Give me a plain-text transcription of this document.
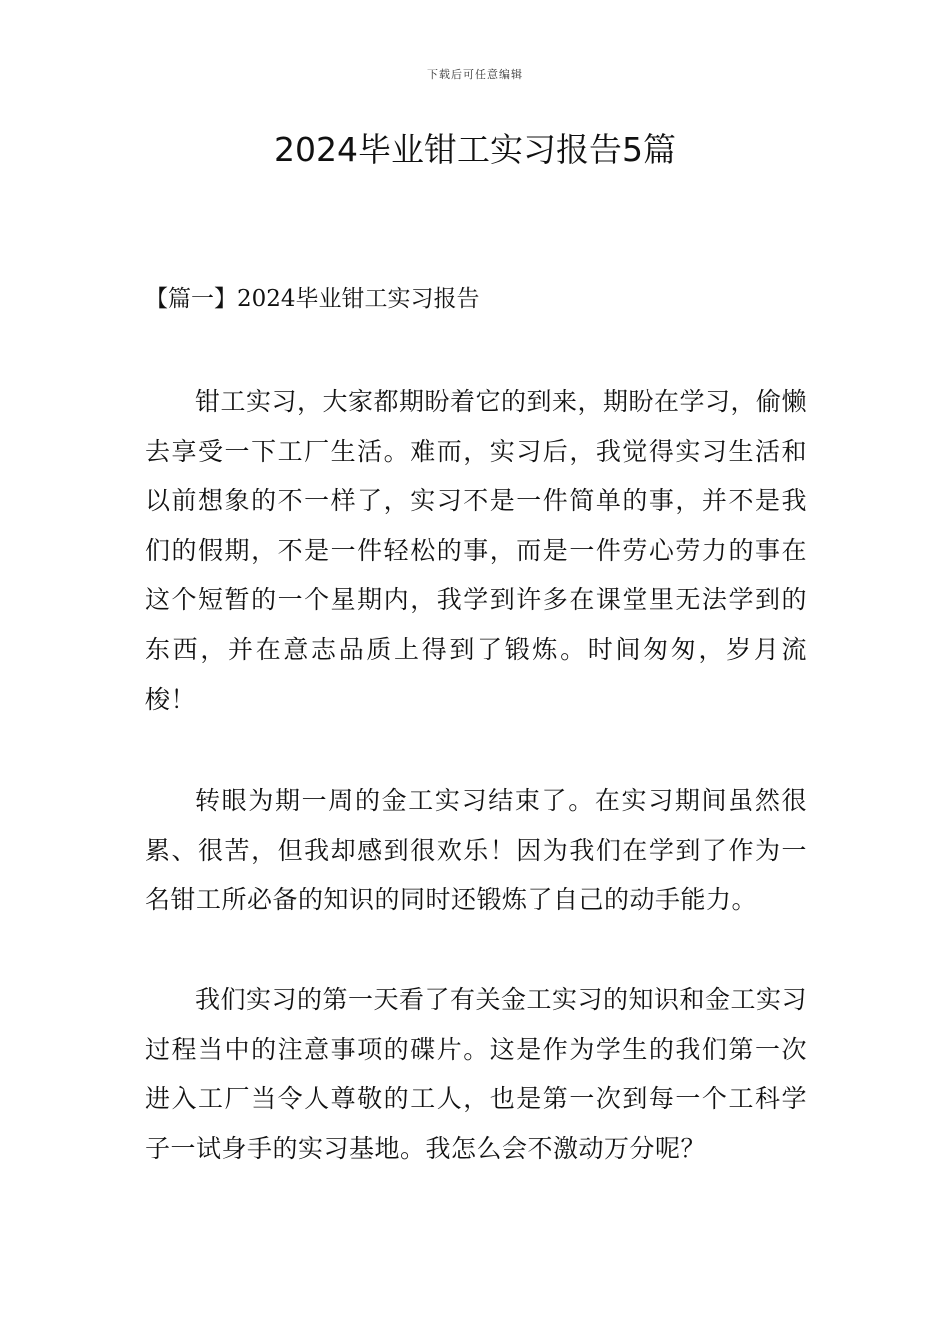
下载后可任意编辑
2024毕业钳工实习报告5篇
【篇一】2024毕业钳工实习报告

钳工实习，大家都期盼着它的到来，期盼在学习，偷懒去享受一下工厂生活。难而，实习后，我觉得实习生活和以前想象的不一样了，实习不是一件简单的事，并不是我们的假期，不是一件轻松的事，而是一件劳心劳力的事在这个短暂的一个星期内，我学到许多在课堂里无法学到的东西，并在意志品质上得到了锻炼。时间匆匆，岁月流梭！

转眼为期一周的金工实习结束了。在实习期间虽然很累、很苦，但我却感到很欢乐！因为我们在学到了作为一名钳工所必备的知识的同时还锻炼了自己的动手能力。

我们实习的第一天看了有关金工实习的知识和金工实习过程当中的注意事项的碟片。这是作为学生的我们第一次进入工厂当令人尊敬的工人，也是第一次到每一个工科学子一试身手的实习基地。我怎么会不激动万分呢？
